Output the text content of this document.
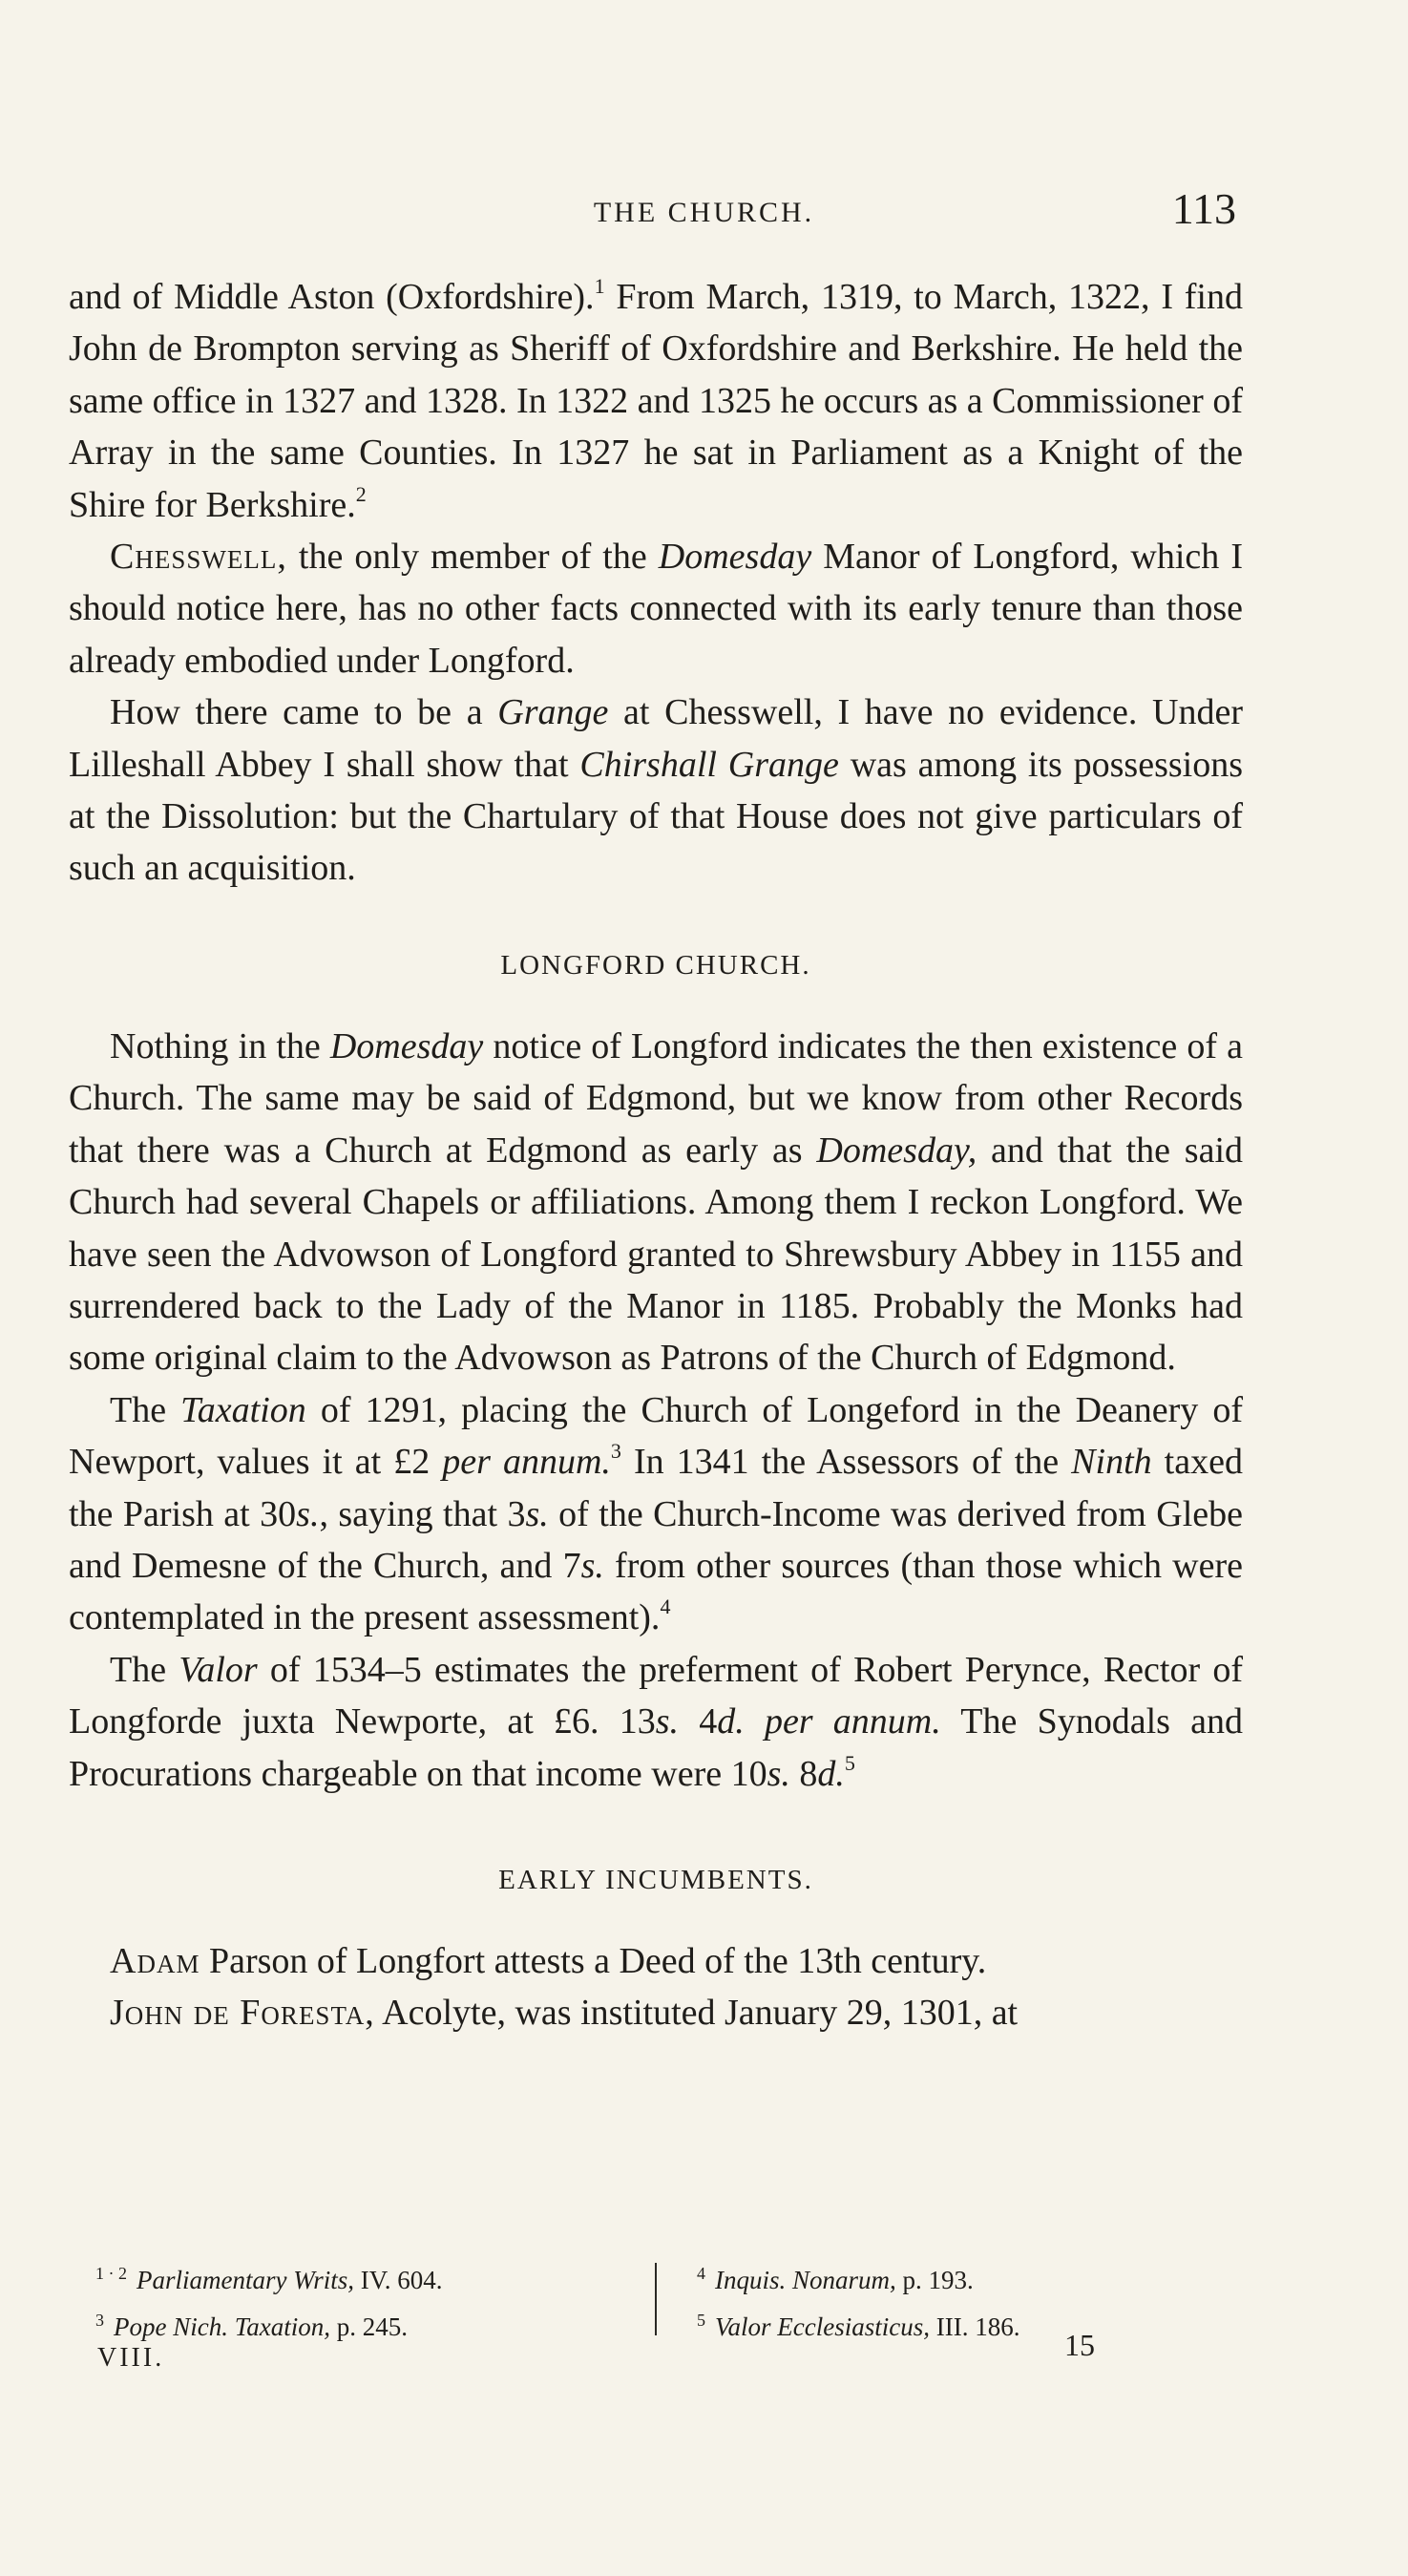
THE CHURCH.	113

and of Middle Aston (Oxfordshire).$^1$ From March, 1319, to March, 1322, I find John de Brompton serving as Sheriff of Oxfordshire and Berkshire. He held the same office in 1327 and 1328. In 1322 and 1325 he occurs as a Commissioner of Array in the same Counties. In 1327 he sat in Parliament as a Knight of the Shire for Berkshire.$^2$

Chesswell, the only member of the Domesday Manor of Longford, which I should notice here, has no other facts connected with its early tenure than those already embodied under Longford.

How there came to be a Grange at Chesswell, I have no evidence. Under Lilleshall Abbey I shall show that Chirshall Grange was among its possessions at the Dissolution: but the Chartulary of that House does not give particulars of such an acquisition.

LONGFORD CHURCH.

Nothing in the Domesday notice of Longford indicates the then existence of a Church. The same may be said of Edgmond, but we know from other Records that there was a Church at Edgmond as early as Domesday, and that the said Church had several Chapels or affiliations. Among them I reckon Longford. We have seen the Advowson of Longford granted to Shrewsbury Abbey in 1155 and surrendered back to the Lady of the Manor in 1185. Probably the Monks had some original claim to the Advowson as Patrons of the Church of Edgmond.

The Taxation of 1291, placing the Church of Longeford in the Deanery of Newport, values it at £2 per annum.$^3$ In 1341 the Assessors of the Ninth taxed the Parish at 30s., saying that 3s. of the Church-Income was derived from Glebe and Demesne of the Church, and 7s. from other sources (than those which were contemplated in the present assessment).$^4$

The Valor of 1534–5 estimates the preferment of Robert Perynce, Rector of Longforde juxta Newporte, at £6. 13s. 4d. per annum. The Synodals and Procurations chargeable on that income were 10s. 8d.$^5$

EARLY INCUMBENTS.

Adam Parson of Longfort attests a Deed of the 13th century.

John de Foresta, Acolyte, was instituted January 29, 1301, at

$^{1 \cdot 2}$ Parliamentary Writs, IV. 604.
$^3$ Pope Nich. Taxation, p. 245.
$^4$ Inquis. Nonarum, p. 193.
$^5$ Valor Ecclesiasticus, III. 186.
VIII.	15
